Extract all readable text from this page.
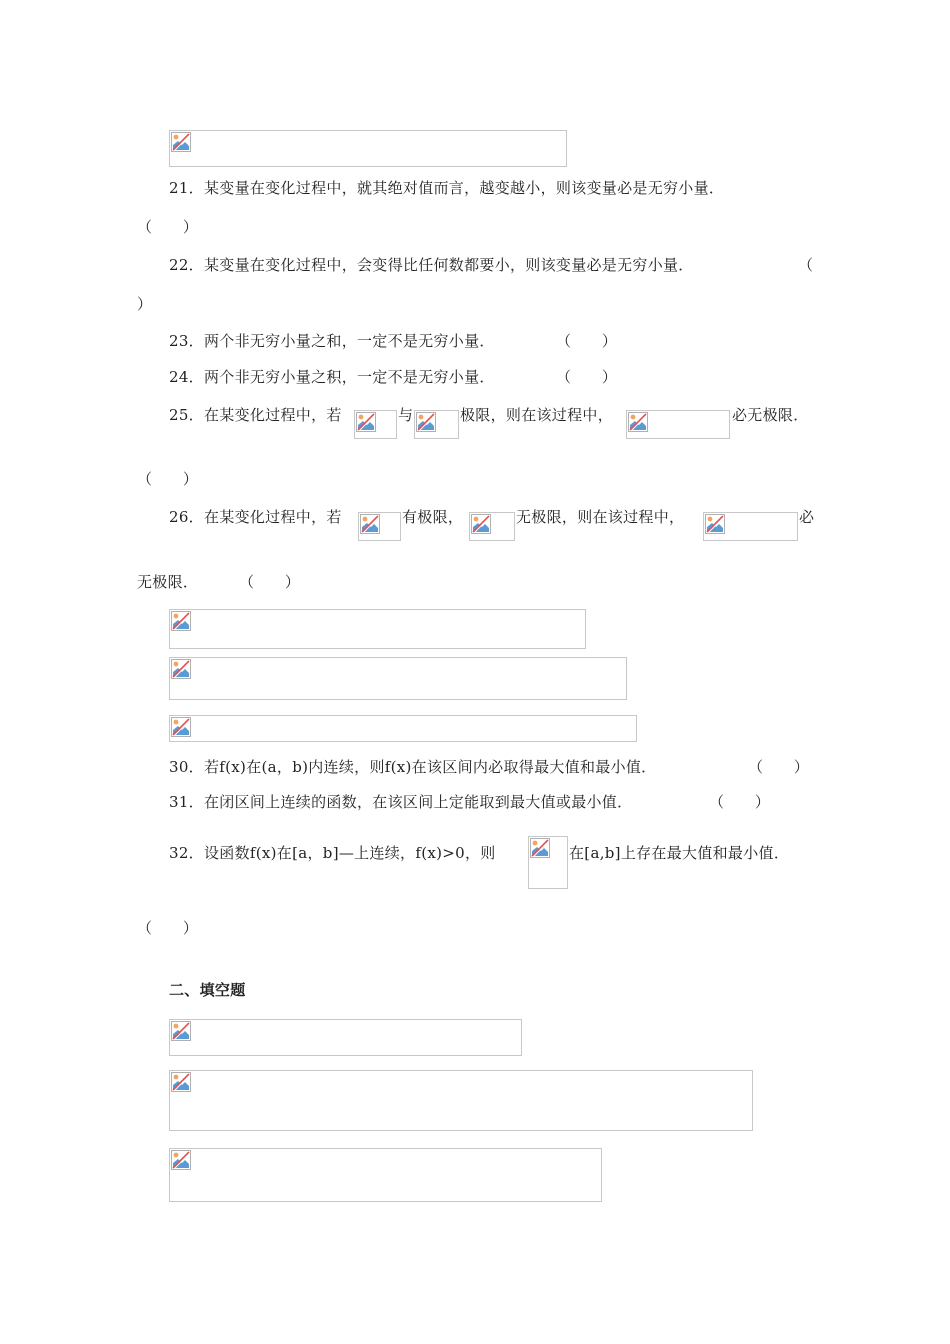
21．某变量在变化过程中，就其绝对值而言，越变越小，则该变量必是无穷小量．
（　　）
22．某变量在变化过程中，会变得比任何数都要小，则该变量必是无穷小量．	（
）
23．两个非无穷小量之和，一定不是无穷小量．	（　　）
24．两个非无穷小量之积，一定不是无穷小量．	（　　）
25．在某变化过程中，若	与	极限，则在该过程中，	必无极限．
（　　）
26．在某变化过程中，若	有极限，	无极限，则在该过程中，	必
无极限．	（　　）
30．若f(x)在(a，b)内连续，则f(x)在该区间内必取得最大值和最小值．	（　　）
31．在闭区间上连续的函数，在该区间上定能取到最大值或最小值．	（　　）
32．设函数f(x)在[a，b]—上连续，f(x)>0，则	在[a,b]上存在最大值和最小值．
（　　）
二、填空题
